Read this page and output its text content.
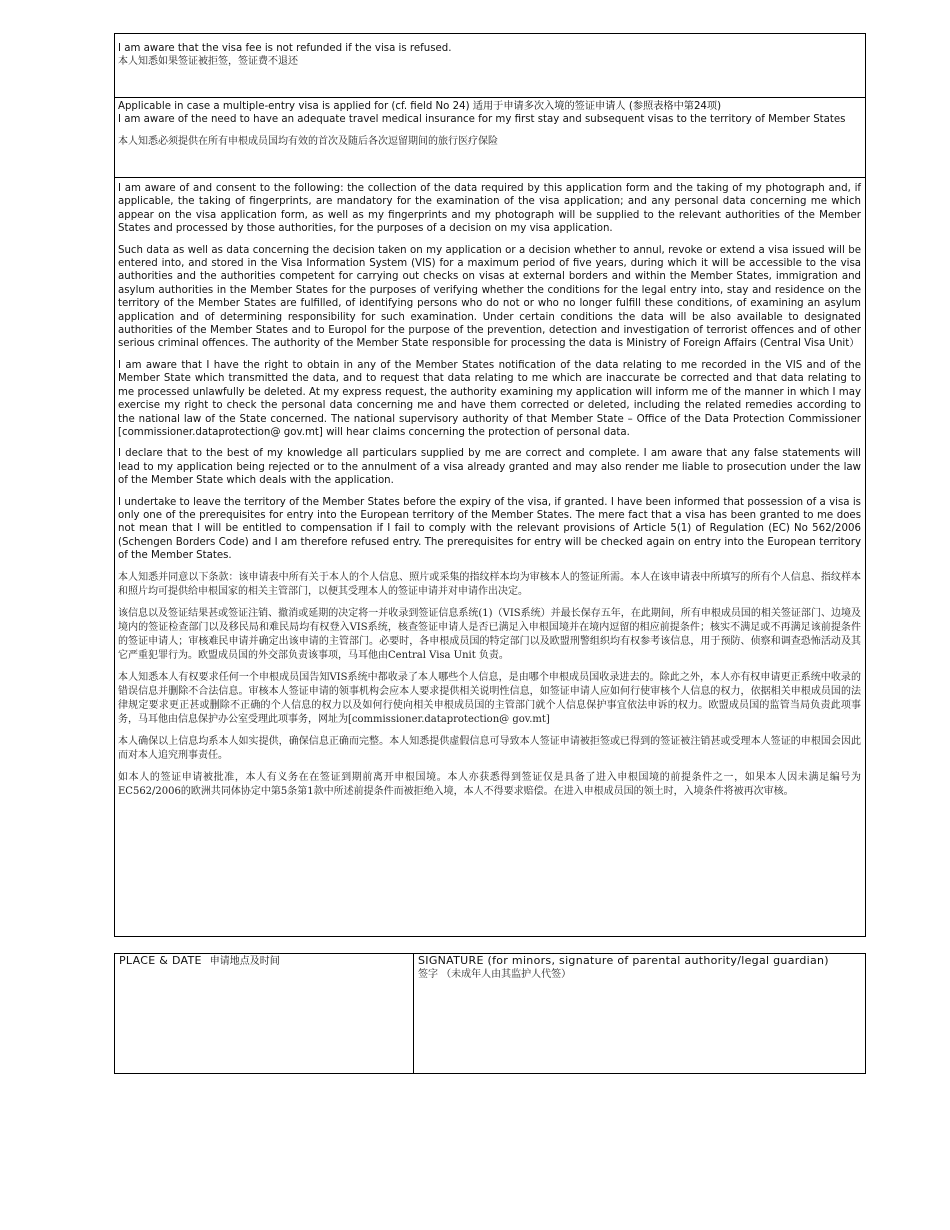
I am aware that the visa fee is not refunded if the visa is refused.

本人知悉如果签证被拒签，签证费不退还

Applicable in case a multiple-entry visa is applied for (cf. field No 24) 适用于申请多次入境的签证申请人 (参照表格中第24项)

I am aware of the need to have an adequate travel medical insurance for my first stay and subsequent visas to the territory of Member States

本人知悉必须提供在所有申根成员国均有效的首次及随后各次逗留期间的旅行医疗保险

I am aware of and consent to the following: the collection of the data required by this application form and the taking of my photograph and, if applicable, the taking of fingerprints, are mandatory for the examination of the visa application; and any personal data concerning me which appear on the visa application form, as well as my fingerprints and my photograph will be supplied to the relevant authorities of the Member States and processed by those authorities, for the purposes of a decision on my visa application.

Such data as well as data concerning the decision taken on my application or a decision whether to annul, revoke or extend a visa issued will be entered into, and stored in the Visa Information System (VIS) for a maximum period of five years, during which it will be accessible to the visa authorities and the authorities competent for carrying out checks on visas at external borders and within the Member States, immigration and asylum authorities in the Member States for the purposes of verifying whether the conditions for the legal entry into, stay and residence on the territory of the Member States are fulfilled, of identifying persons who do not or who no longer fulfill these conditions, of examining an asylum application and of determining responsibility for such examination. Under certain conditions the data will be also available to designated authorities of the Member States and to Europol for the purpose of the prevention, detection and investigation of terrorist offences and of other serious criminal offences. The authority of the Member State responsible for processing the data is Ministry of Foreign Affairs (Central Visa Unit）

I am aware that I have the right to obtain in any of the Member States notification of the data relating to me recorded in the VIS and of the Member State which transmitted the data, and to request that data relating to me which are inaccurate be corrected and that data relating to me processed unlawfully be deleted. At my express request, the authority examining my application will inform me of the manner in which I may exercise my right to check the personal data concerning me and have them corrected or deleted, including the related remedies according to the national law of the State concerned. The national supervisory authority of that Member State – Office of the Data Protection Commissioner [commissioner.dataprotection@ gov.mt] will hear claims concerning the protection of personal data.

I declare that to the best of my knowledge all particulars supplied by me are correct and complete. I am aware that any false statements will lead to my application being rejected or to the annulment of a visa already granted and may also render me liable to prosecution under the law of the Member State which deals with the application.

I undertake to leave the territory of the Member States before the expiry of the visa, if granted. I have been informed that possession of a visa is only one of the prerequisites for entry into the European territory of the Member States. The mere fact that a visa has been granted to me does not mean that I will be entitled to compensation if I fail to comply with the relevant provisions of Article 5(1) of Regulation (EC) No 562/2006 (Schengen Borders Code) and I am therefore refused entry. The prerequisites for entry will be checked again on entry into the European territory of the Member States.

本人知悉并同意以下条款：该申请表中所有关于本人的个人信息、照片或采集的指纹样本均为审核本人的签证所需。本人在该申请表中所填写的所有个人信息、指纹样本和照片均可提供给申根国家的相关主管部门，以便其受理本人的签证申请并对申请作出决定。

该信息以及签证结果甚或签证注销、撤消或延期的决定将一并收录到签证信息系统(1)（VIS系统）并最长保存五年，在此期间，所有申根成员国的相关签证部门、边境及境内的签证检查部门以及移民局和难民局均有权登入VIS系统，核查签证申请人是否已满足入申根国境并在境内逗留的相应前提条件；核实不满足或不再满足该前提条件的签证申请人；审核难民申请并确定出该申请的主管部门。必要时，各申根成员国的特定部门以及欧盟刑警组织均有权参考该信息，用于预防、侦察和调查恐怖活动及其它严重犯罪行为。欧盟成员国的外交部负责该事项，马耳他由Central Visa Unit 负责。

本人知悉本人有权要求任何一个申根成员国告知VIS系统中都收录了本人哪些个人信息，是由哪个申根成员国收录进去的。除此之外，本人亦有权申请更正系统中收录的错误信息并删除不合法信息。审核本人签证申请的领事机构会应本人要求提供相关说明性信息，如签证申请人应如何行使审核个人信息的权力，依据相关申根成员国的法律规定要求更正甚或删除不正确的个人信息的权力以及如何行使向相关申根成员国的主管部门就个人信息保护事宜依法申诉的权力。欧盟成员国的监管当局负责此项事务，马耳他由信息保护办公室受理此项事务，网址为[commissioner.dataprotection@ gov.mt]

本人确保以上信息均系本人如实提供，确保信息正确而完整。本人知悉提供虚假信息可导致本人签证申请被拒签或已得到的签证被注销甚或受理本人签证的申根国会因此而对本人追究刑事责任。

如本人的签证申请被批准，本人有义务在在签证到期前离开申根国境。本人亦获悉得到签证仅是具备了进入申根国境的前提条件之一，如果本人因未满足编号为EC562/2006的欧洲共同体协定中第5条第1款中所述前提条件而被拒绝入境，本人不得要求赔偿。在进入申根成员国的领土时，入境条件将被再次审核。

PLACE & DATE 申请地点及时间	SIGNATURE (for minors, signature of parental authority/legal guardian)
签字 （未成年人由其监护人代签）
